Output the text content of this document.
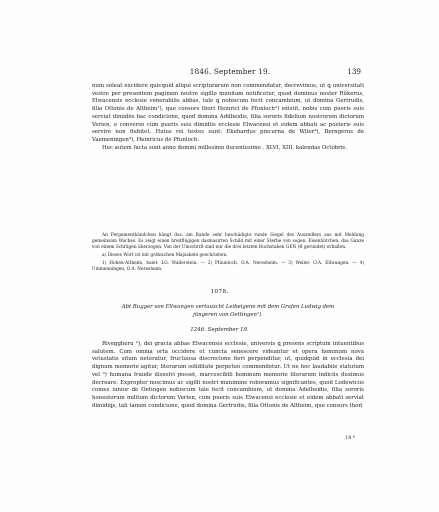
1846. September 19.	139

num soleat excidere quicquid aliqui scripturarum non commendatur, decrevimus, ut ꝗ universitati vestre per presentem paginam nostre sigillo munitam notificetur, quod dominus noster Rŭkerus, Elwacensis ecclesie venerabilis abbas, tale ꝗ nobiscum fecit concambium, ut domina Gertrudis, filia Ottonis de Altheim¹), que consors thori Heinrici de Pfunloch²) existit, nobis cum pueris suis serviat dimidiis hac condicione, quod domina Adilheidis, filia sororis fidelium nostrorum dictorum Verien, e converso cum pueris suis dimidiis ecclesie Elwacensi et eidem abbati ac posteris suis servire non dubitet. Huius rei testes sunt: Ekehardus pincerna de Wiler³), Berngerus de Vaemeningen⁴), Heinricus de Pfunloch.

Hec autem facta sunt anno domini millesimo ducentesimo . XLVI, XIII. kalendas Octobris.

An Pergamentbändchen hängt das, am Rande sehr beschädigte runde Siegel des Ausstellers aus mit Meldung gemeinsam Wachse. Es zeigt einen breitflügigen dasmasirten Schild mit einer Sterbe von sogen. Eisenhütchen, das Ganze von einem Schrägen überzogen. Von der Umschrift sind nur die drei letzten Buchstaben GEN (R gerundet) erhalten.

a) Dieses Wort ist mit gothischen Majuskeln geschrieben.

1) Hohen-Altheim, baier. LG. Wallerstein. — 2) Pfaunloch, O.A. Neresheim. — 3) Weiler, O.A. Ellwangen. — 4) Ummenningen, O.A. Neresheim.

1078.
Abt Rugger von Ellwangen vertauscht Leibeigene mit dem Grafen Ludwig dem jüngeren von Oettingen¹).
1246. September 19.

Riveggheru ²), dei gracia abbas Elwacensis ecclesie, universis ꝗ presens scriptum intuentibus salutem. Cum omnia orta occidere et cuncta senescere videantur et opera hominum nova vetustatis situm neteratur, fructuosa discrecione fieri perpenditur, ut, quidquid in ecclesia dei dignum memorie agitur, literarum soliditate perpetuo commendetur. Ut ne hoc laudabile statutum vel ³) humana fraude dissolvi posset, marcescibili hominum memorie literarum indiciis duximus decreare. Expropter noscimus ac sigilli nostri munimine roboramus significantes, quod Lodewicus comes iunior de Oetingen nobiscum tale fecit concambium, ut domina Adelheidis, filia sororis honestorum militum dictorum Verien, cum pueris suis Elwacensi ecclesie et eidem abbati serviat dimidiꝗs, tali tamen condicione, quod domina Gertrudis, filia Ottonis de Altheim, que consors thori

18 *
